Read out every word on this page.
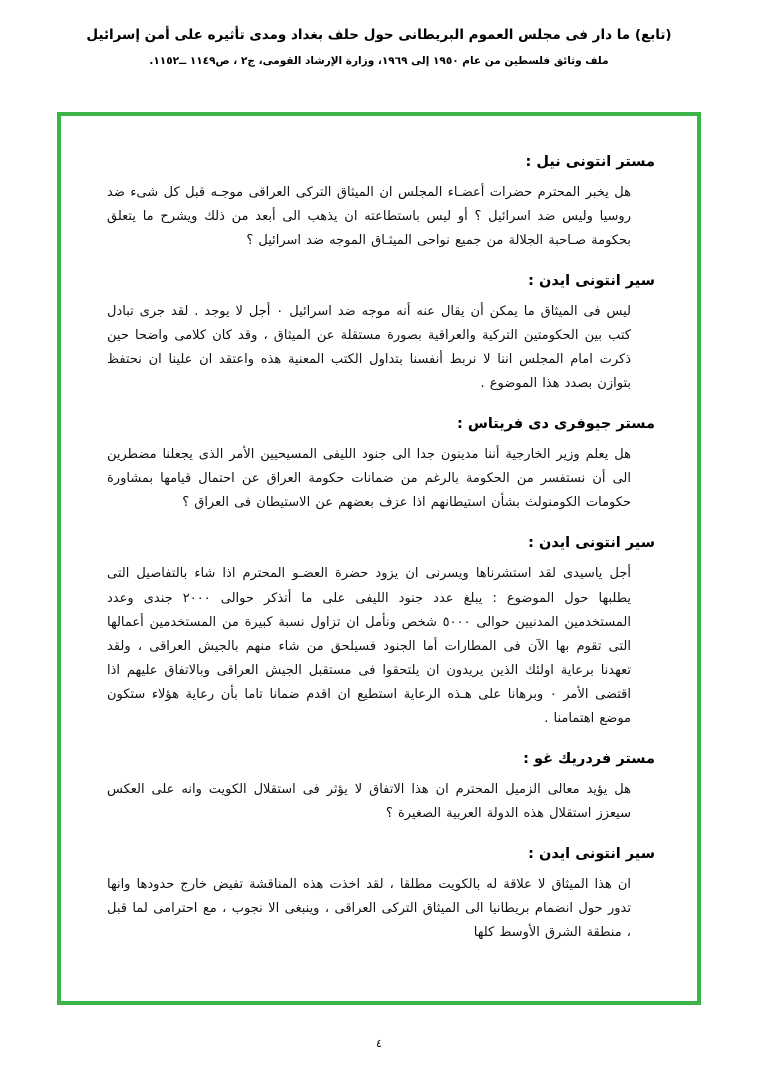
(تابع) ما دار فى مجلس العموم البريطانى حول حلف بغداد ومدى تأثيره على أمن إسرائيل
ملف وثائق فلسطين من عام ١٩٥٠ إلى ١٩٦٩، وزارة الإرشاد القومى، ج٢ ، ص١١٤٩ ــ١١٥٢.
مستر انتونى نيل :
هل يخبر المحترم حضرات أعضـاء المجلس ان الميثاق التركى العراقى موجـه قبل كل شىء ضد روسيا وليس ضد اسرائيل ؟ أو ليس باستطاعته ان يذهب الى أبعد من ذلك ويشرح ما يتعلق بحكومة صـاحبة الجلالة من جميع نواحى الميثـاق الموجه ضد اسرائيل ؟
سير انتونى ايدن :
ليس فى الميثاق ما يمكن أن يقال عنه أنه موجه ضد اسرائيل ٠ أجل لا يوجد . لقد جرى تبادل كتب بين الحكومتين التركية والعراقية بصورة مستقلة عن الميثاق ، وقد كان كلامى واضحا حين ذكرت امام المجلس اننا لا نربط أنفسنا بتداول الكتب المعنية هذه واعتقد ان علينا ان نحتفظ بتوازن بصدد هذا الموضوع .
مستر جيوفرى دى فريتاس :
هل يعلم وزير الخارجية أننا مدينون جدا الى جنود الليفى المسيحيين الأمر الذى يجعلنا مضطرين الى أن نستفسر من الحكومة بالرغم من ضمانات حكومة العراق عن احتمال قيامها بمشاورة حكومات الكومنولث بشأن استيطانهم اذا عزف بعضهم عن الاستيطان فى العراق ؟
سير انتونى ايدن :
أجل ياسيدى لقد استشرناها ويسرنى ان يزود حضرة العضـو المحترم اذا شاء بالتفاصيل التى يطلبها حول الموضوع : يبلغ عدد جنود الليفى على ما أتذكر حوالى ٢٠٠٠ جندى وعدد المستخدمين المدنيين حوالى ٥٠٠٠ شخص ونأمل ان تزاول نسبة كبيرة من المستخدمين أعمالها التى تقوم بها الآن فى المطارات أما الجنود فسيلحق من شاء منهم بالجيش العراقى ، ولقد تعهدنا برعاية اولئك الذين يريدون ان يلتحقوا فى مستقبل الجيش العراقى وبالاتفاق عليهم اذا اقتضى الأمر ٠ وبرهانا على هـذه الرعاية استطيع ان اقدم ضمانا تاما بأن رعاية هؤلاء ستكون موضع اهتمامنا .
مستر فردريك غو :
هل يؤيد معالى الزميل المحترم ان هذا الاتفاق لا يؤثر فى استقلال الكويت وانه على العكس سيعزز استقلال هذه الدولة العربية الصغيرة ؟
سير انتونى ايدن :
ان هذا الميثاق لا علاقة له بالكويت مطلقا ، لقد اخذت هذه المناقشة تفيض خارج حدودها وانها تدور حول انضمام بريطانيا الى الميثاق التركى العراقى ، وينبغى الا نجوب ، مع احترامى لما قبل ، منطقة الشرق الأوسط كلها
٤
